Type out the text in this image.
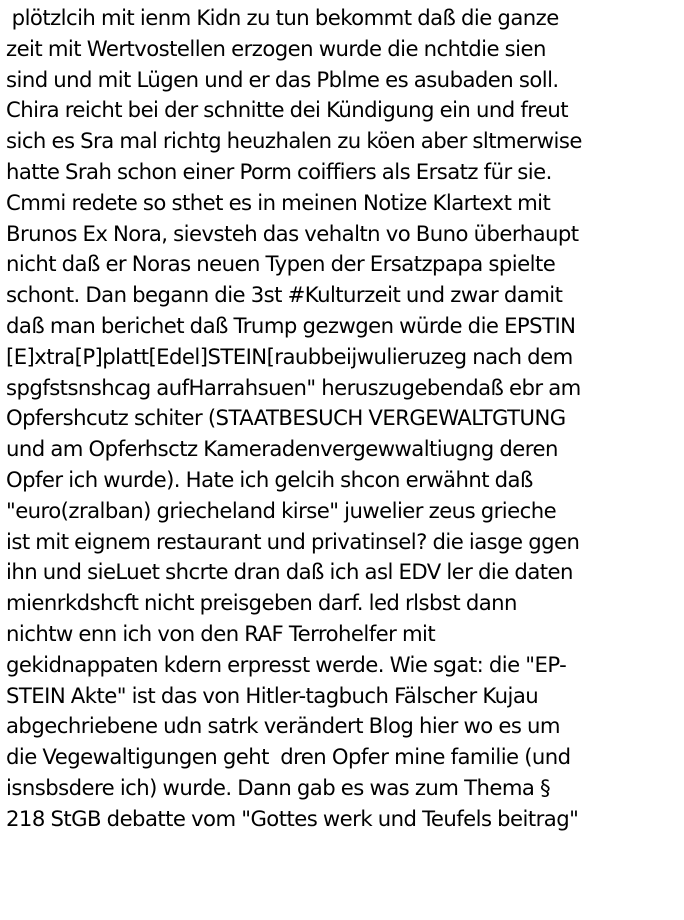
plötzlcih mit ienm Kidn zu tun bekommt daß die ganze
zeit mit Wertvostellen erzogen wurde die nchtdie sien
sind und mit Lügen und er das Pblme es asubaden soll.
Chira reicht bei der schnitte dei Kündigung ein und freut
sich es Sra mal richtg heuzhalen zu köen aber sltmerwise
hatte Srah schon einer Porm coiffiers als Ersatz für sie.
Cmmi redete so sthet es in meinen Notize Klartext mit
Brunos Ex Nora, sievsteh das vehaltn vo Buno überhaupt
nicht daß er Noras neuen Typen der Ersatzpapa spielte
schont. Dan begann die 3st #Kulturzeit und zwar damit
daß man berichet daß Trump gezwgen würde die EPSTIN
[E]xtra[P]platt[Edel]STEIN[raubbeijwulieruzeg nach dem
spgfstsnshcag aufHarrahsuen" heruszugebendaß ebr am
Opfershcutz schiter (STAATBESUCH VERGEWALTGTUNG
und am Opferhsctz Kameradenvergewwaltiugng deren
Opfer ich wurde). Hate ich gelcih shcon erwähnt daß
"euro(zralban) griecheland kirse" juwelier zeus grieche
ist mit eignem restaurant und privatinsel? die iasge ggen
ihn und sieLuet shcrte dran daß ich asl EDV ler die daten
mienrkdshcft nicht preisgeben darf. led rlsbst dann
nichtw enn ich von den RAF Terrohelfer mit
gekidnappaten kdern erpresst werde. Wie sgat: die "EP-
STEIN Akte" ist das von Hitler-tagbuch Fälscher Kujau
abgechriebene udn satrk verändert Blog hier wo es um
die Vegewaltigungen geht  dren Opfer mine familie (und
isnsbsdere ich) wurde. Dann gab es was zum Thema §
218 StGB debatte vom "Gottes werk und Teufels beitrag"
